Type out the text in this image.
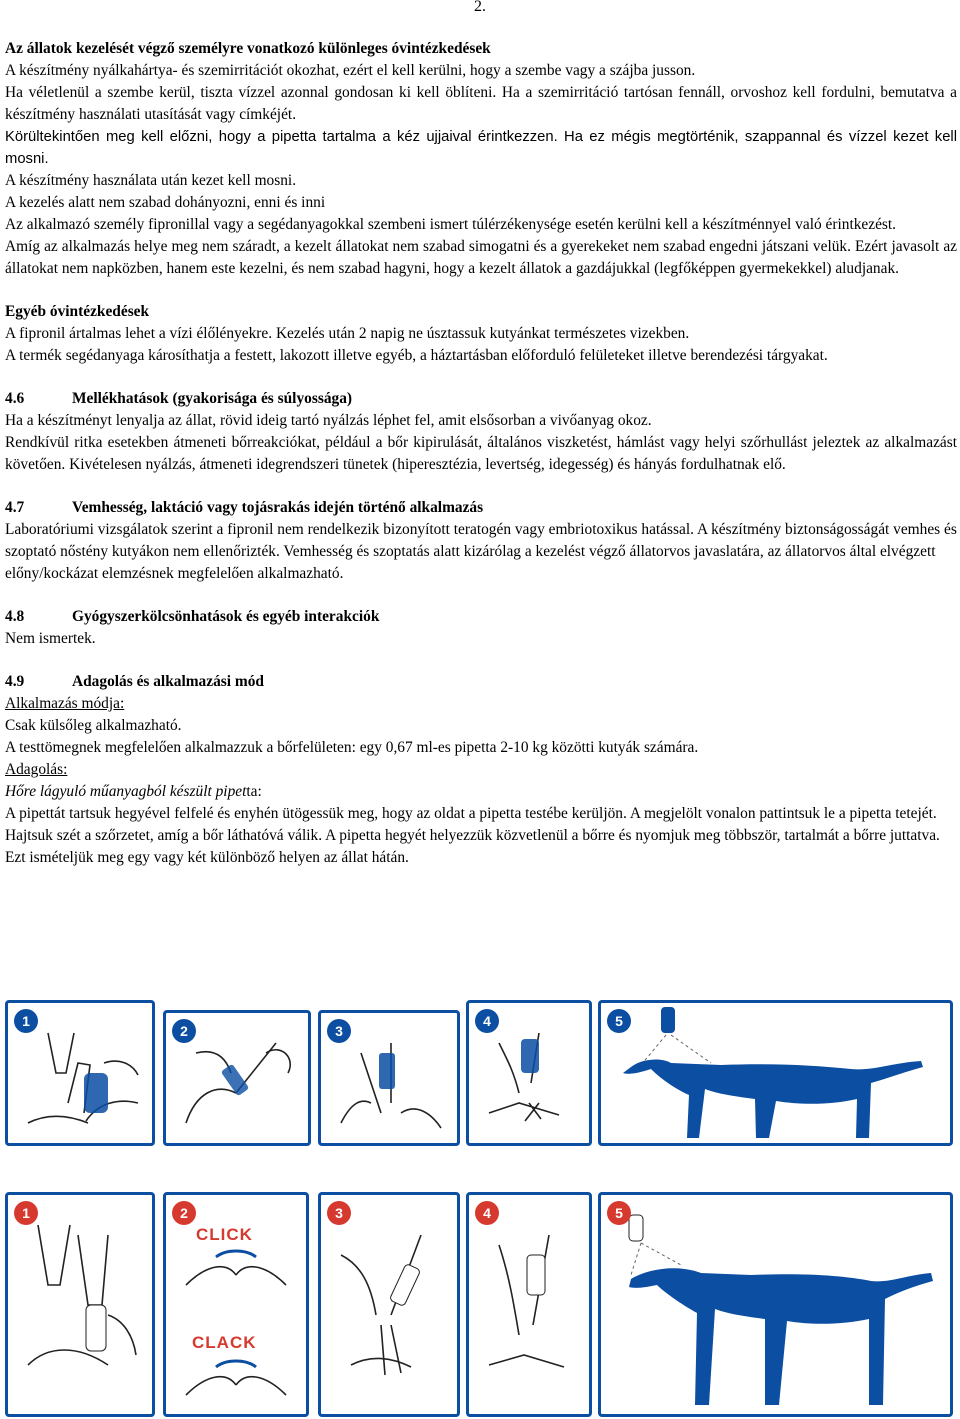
2.

Az állatok kezelését végző személyre vonatkozó különleges óvintézkedések

A készítmény nyálkahártya- és szemirritációt okozhat, ezért el kell kerülni, hogy a szembe vagy a szájba jusson.

Ha véletlenül a szembe kerül, tiszta vízzel azonnal gondosan ki kell öblíteni. Ha a szemirritáció tartósan fennáll, orvoshoz kell fordulni, bemutatva a készítmény használati utasítását vagy címkéjét.

Körültekintően meg kell előzni, hogy a pipetta tartalma a kéz ujjaival érintkezzen. Ha ez mégis megtörténik, szappannal és vízzel kezet kell mosni.

A készítmény használata után kezet kell mosni.

A kezelés alatt nem szabad dohányozni, enni és inni

Az alkalmazó személy fipronillal vagy a segédanyagokkal szembeni ismert túlérzékenysége esetén kerülni kell a készítménnyel való érintkezést.

Amíg az alkalmazás helye meg nem száradt, a kezelt állatokat nem szabad simogatni és a gyerekeket nem szabad engedni játszani velük. Ezért javasolt az állatokat nem napközben, hanem este kezelni, és nem szabad hagyni, hogy a kezelt állatok a gazdájukkal (legfőképpen gyermekekkel) aludjanak.

Egyéb óvintézkedések

A fipronil ártalmas lehet a vízi élőlényekre. Kezelés után 2 napig ne úsztassuk kutyánkat természetes vizekben.

A termék segédanyaga károsíthatja a festett, lakozott illetve egyéb, a háztartásban előforduló felületeket illetve berendezési tárgyakat.

4.6	Mellékhatások (gyakorisága és súlyossága)

Ha a készítményt lenyalja az állat, rövid ideig tartó nyálzás léphet fel, amit elsősorban a vivőanyag okoz.

Rendkívül ritka esetekben átmeneti bőrreakciókat, például a bőr kipirulását, általános viszketést, hámlást vagy helyi szőrhullást jeleztek az alkalmazást követően. Kivételesen nyálzás, átmeneti idegrendszeri tünetek (hiperesztézia, levertség, idegesség) és hányás fordulhatnak elő.

4.7	Vemhesség, laktáció vagy tojásrakás idején történő alkalmazás

Laboratóriumi vizsgálatok szerint a fipronil nem rendelkezik bizonyított teratogén vagy embriotoxikus hatással. A készítmény biztonságosságát vemhes és szoptató nőstény kutyákon nem ellenőrizték. Vemhesség és szoptatás alatt kizárólag a kezelést végző állatorvos javaslatára, az állatorvos által elvégzett előny/kockázat elemzésnek megfelelően alkalmazható.

4.8	Gyógyszerkölcsönhatások és egyéb interakciók

Nem ismertek.

4.9	Adagolás és alkalmazási mód

Alkalmazás módja:

Csak külsőleg alkalmazható.

A testtömegnek megfelelően alkalmazzuk a bőrfelületen: egy 0,67 ml-es pipetta 2-10 kg közötti kutyák számára.

Adagolás:

Hőre lágyuló műanyagból készült pipetta:

A pipettát tartsuk hegyével felfelé és enyhén ütögessük meg, hogy az oldat a pipetta testébe kerüljön. A megjelölt vonalon pattintsuk le a pipetta tetejét.

Hajtsuk szét a szőrzetet, amíg a bőr láthatóvá válik. A pipetta hegyét helyezzük közvetlenül a bőrre és nyomjuk meg többször, tartalmát a bőrre juttatva. Ezt ismételjük meg egy vagy két különböző helyen az állat hátán.

1
2	3
4	5
1	2
CLICK
CLACK
3	4	5
